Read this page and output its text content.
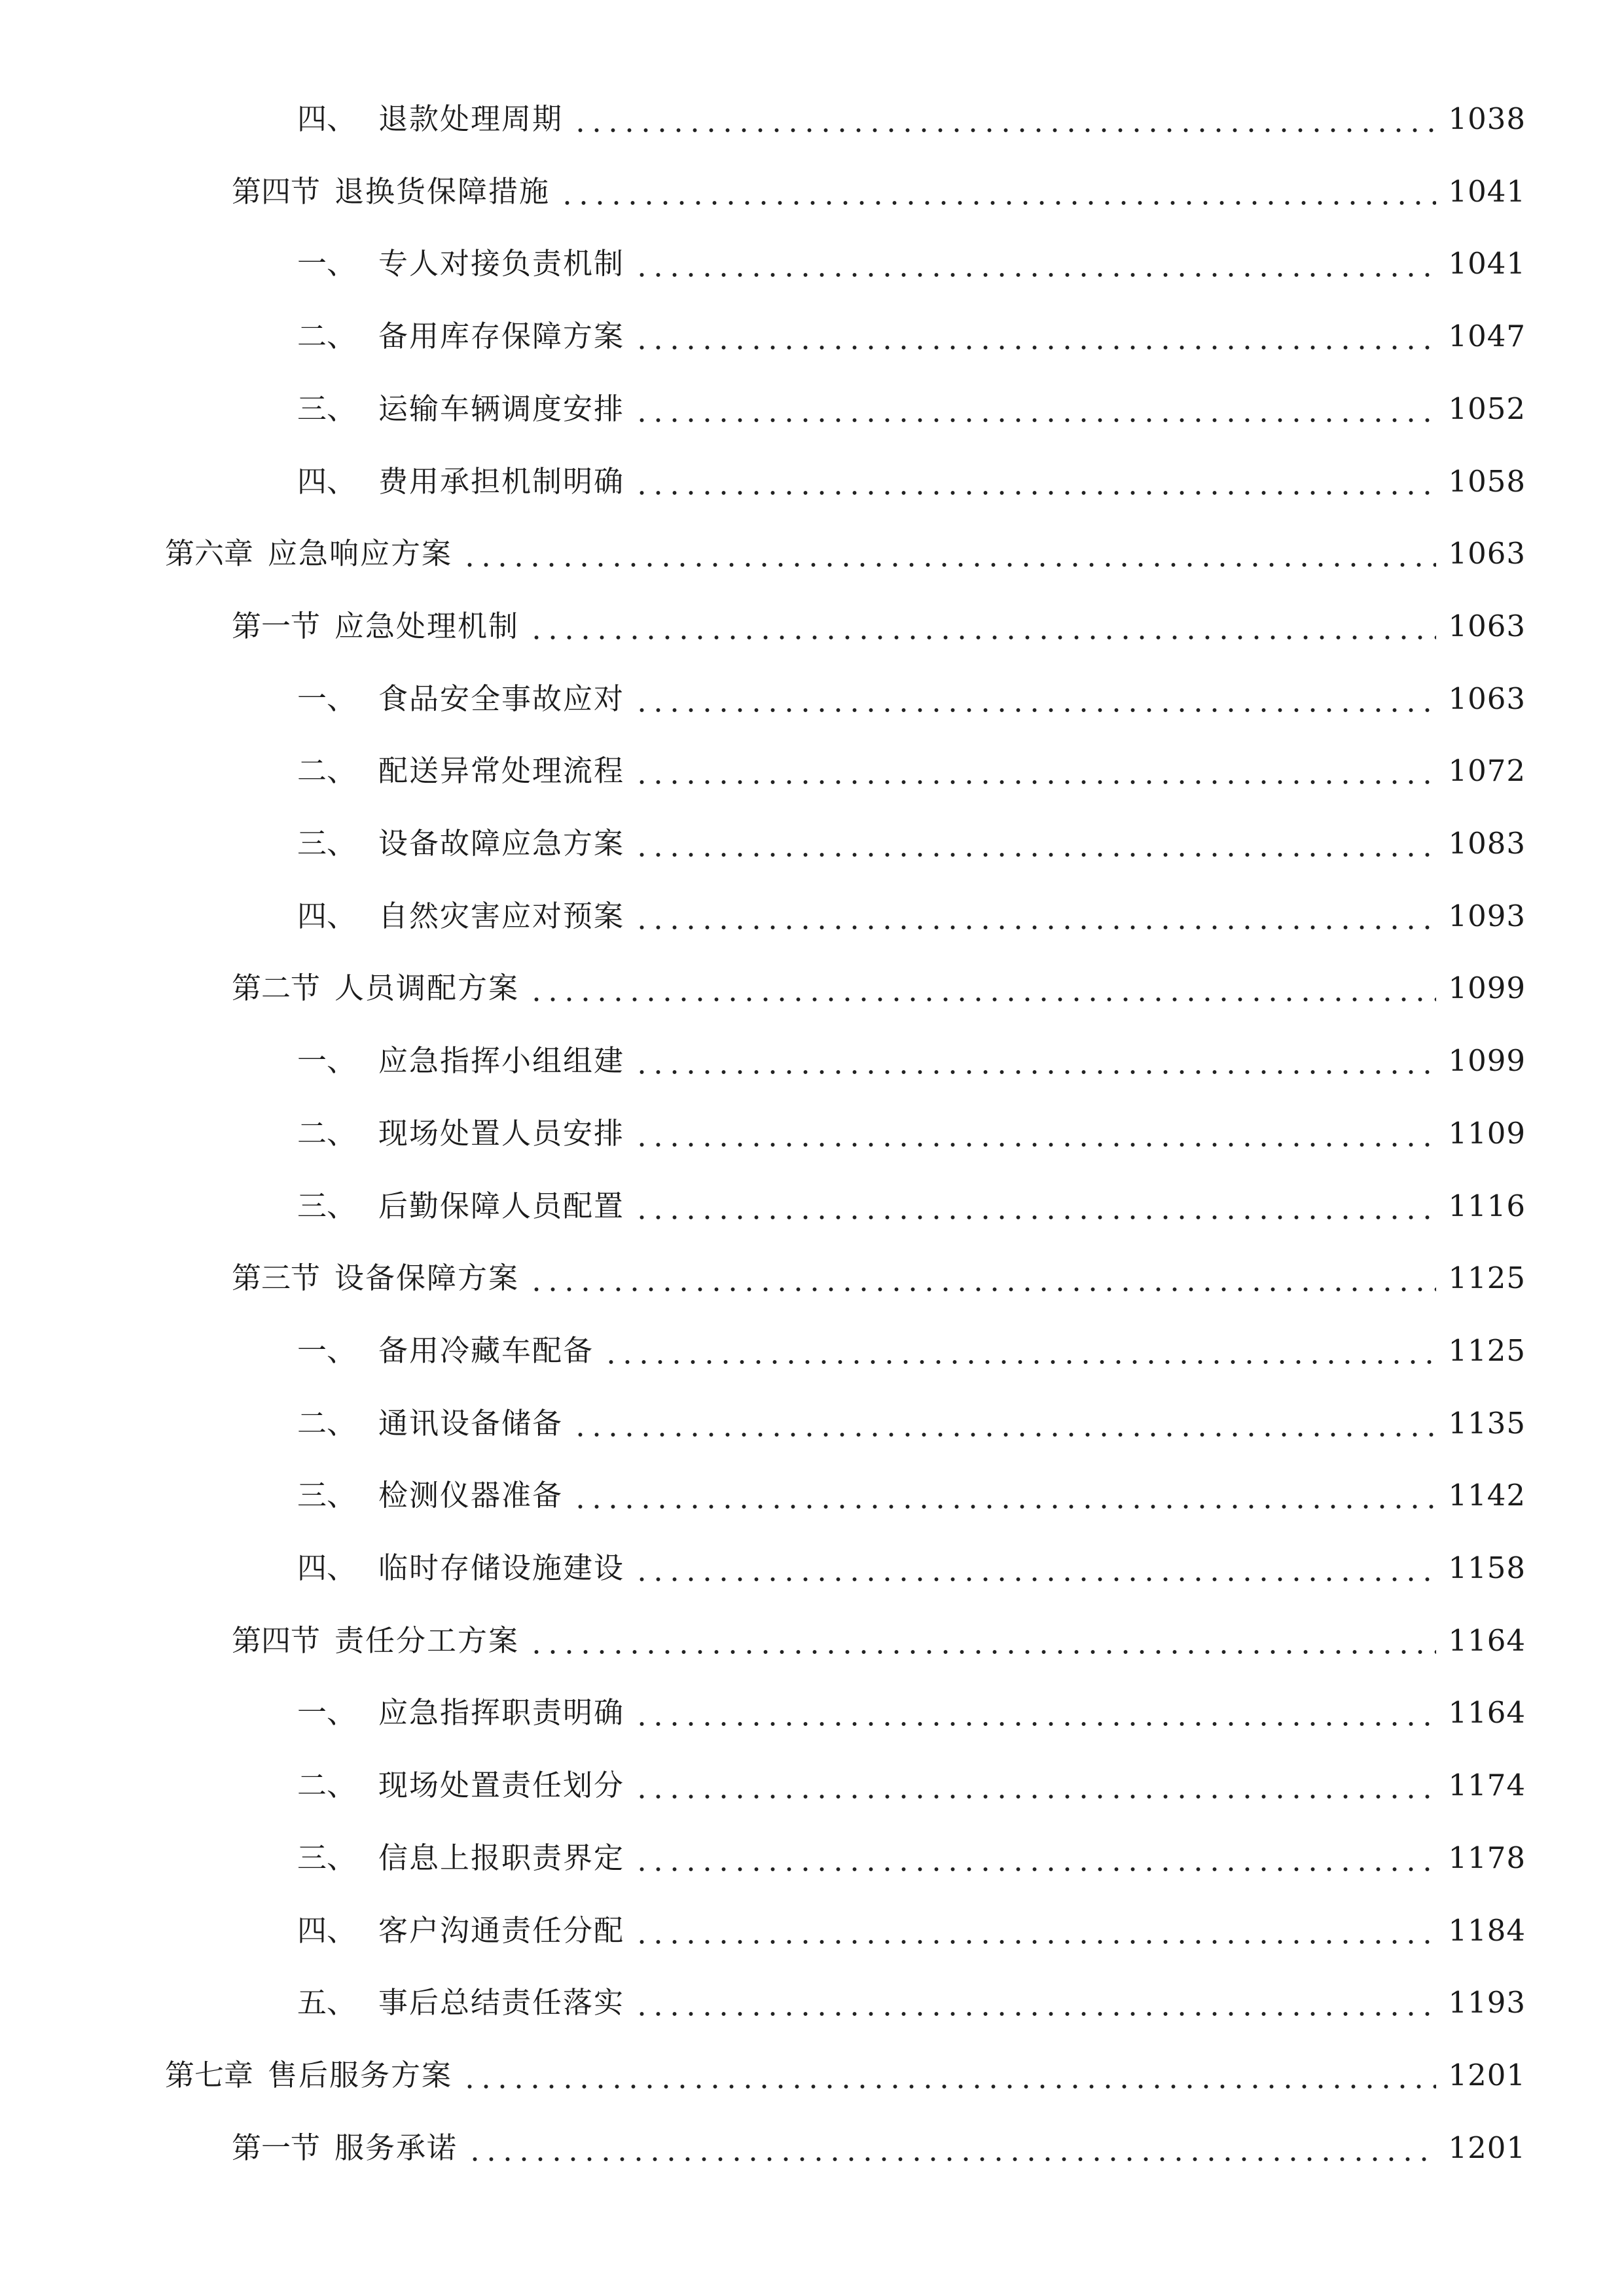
四、 退款处理周期	1038
第四节 退换货保障措施	1041
一、 专人对接负责机制	1041
二、 备用库存保障方案	1047
三、 运输车辆调度安排	1052
四、 费用承担机制明确	1058
第六章 应急响应方案	1063
第一节 应急处理机制	1063
一、 食品安全事故应对	1063
二、 配送异常处理流程	1072
三、 设备故障应急方案	1083
四、 自然灾害应对预案	1093
第二节 人员调配方案	1099
一、 应急指挥小组组建	1099
二、 现场处置人员安排	1109
三、 后勤保障人员配置	1116
第三节 设备保障方案	1125
一、 备用冷藏车配备	1125
二、 通讯设备储备	1135
三、 检测仪器准备	1142
四、 临时存储设施建设	1158
第四节 责任分工方案	1164
一、 应急指挥职责明确	1164
二、 现场处置责任划分	1174
三、 信息上报职责界定	1178
四、 客户沟通责任分配	1184
五、 事后总结责任落实	1193
第七章 售后服务方案	1201
第一节 服务承诺	1201
